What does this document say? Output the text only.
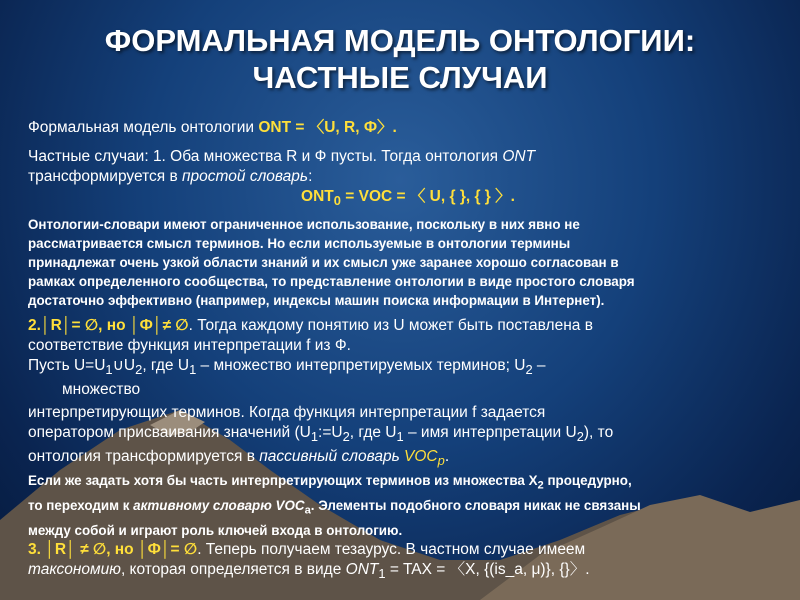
ФОРМАЛЬНАЯ МОДЕЛЬ ОНТОЛОГИИ:
ЧАСТНЫЕ СЛУЧАИ

Формальная модель онтологии ONT = 〈U, R, Ф〉.

Частные случаи: 1. Оба множества R и Ф пусты. Тогда онтология ONT

трансформируется в простой словарь:

$ONT_0$ = VOC = 〈 U, { }, { } 〉.

Онтологии-словари имеют ограниченное использование, поскольку в них явно не
рассматривается смысл терминов. Но если используемые в онтологии термины
принадлежат очень узкой области знаний и их смысл уже заранее хорошо согласован в
рамках определенного сообщества, то представление онтологии в виде простого словаря
достаточно эффективно (например, индексы машин поиска информации в Интернет).

2.│R│= ∅, но │Ф│≠ ∅. Тогда каждому понятию из U может быть поставлена в

соответствие функция интерпретации f из Ф.

Пусть $U=U_1\cup U_2$, где $U_1$ – множество интерпретируемых терминов; $U_2$ –

множество

интерпретирующих терминов. Когда функция интерпретации f задается

оператором присваивания значений ($U_1:=U_2$, где $U_1$ – имя интерпретации $U_2$), то

онтология трансформируется в пассивный словарь $VOC_p$.

Если же задать хотя бы часть интерпретирующих терминов из множества $X_2$ процедурно,
то переходим к активному словарю $VOC_a$. Элементы подобного словаря никак не связаны
между собой и играют роль ключей входа в онтологию.

3. │R│ ≠ ∅, но │Ф│= ∅. Теперь получаем тезаурус. В частном случае имеем

таксономию, которая определяется в виде $ONT_1$ = TAX = 〈X, {(is_a, μ)}, {}〉.
